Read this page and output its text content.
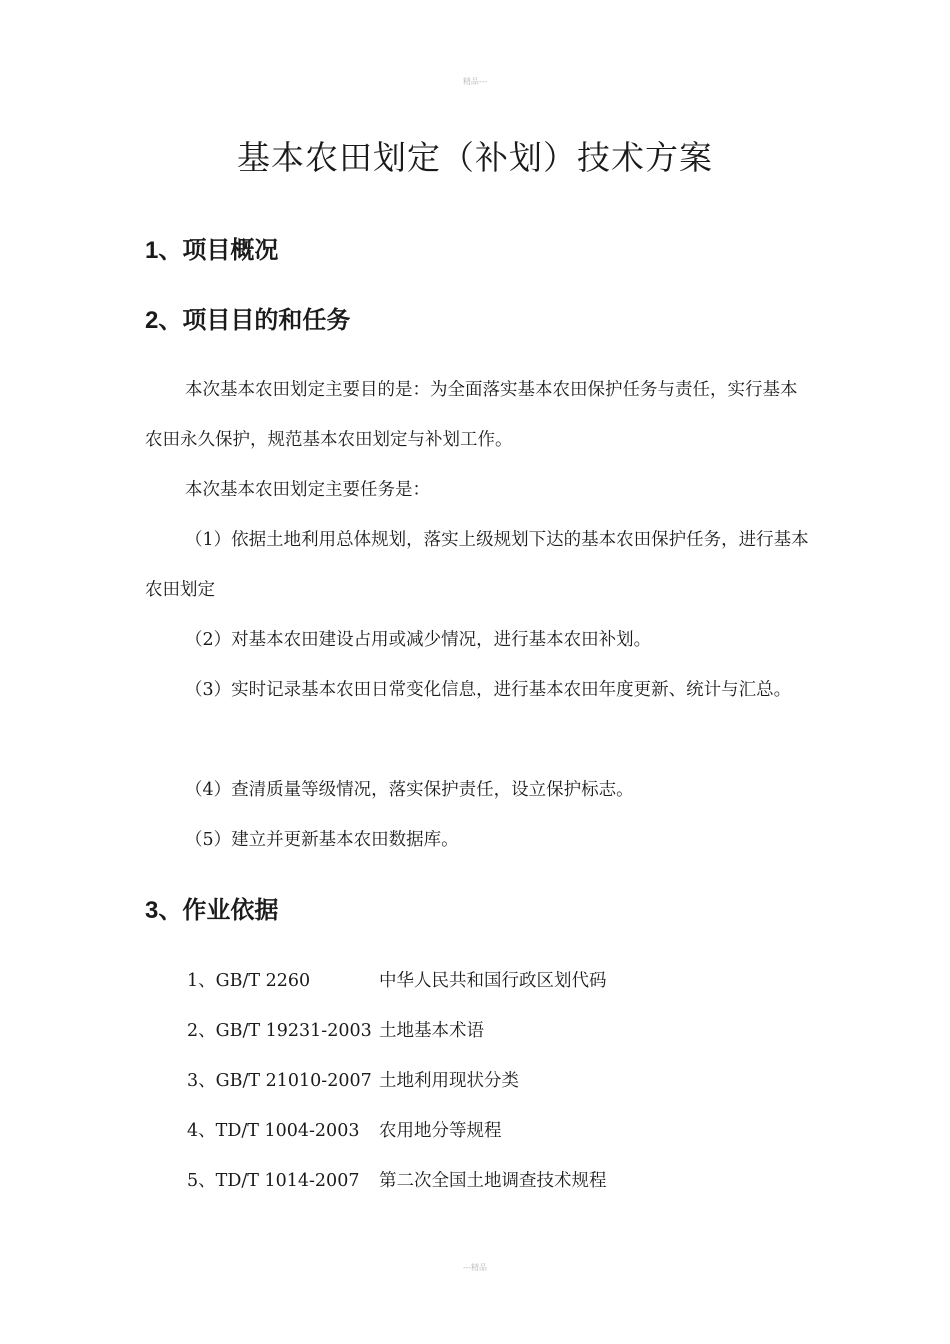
精品---
基本农田划定（补划）技术方案
1、项目概况
2、项目目的和任务

本次基本农田划定主要目的是：为全面落实基本农田保护任务与责任，实行基本农田永久保护，规范基本农田划定与补划工作。

本次基本农田划定主要任务是：

（1）依据土地利用总体规划，落实上级规划下达的基本农田保护任务，进行基本农田划定

（2）对基本农田建设占用或减少情况，进行基本农田补划。

（3）实时记录基本农田日常变化信息，进行基本农田年度更新、统计与汇总。

（4）查清质量等级情况，落实保护责任，设立保护标志。

（5）建立并更新基本农田数据库。

3、作业依据
1、GB/T 2260	中华人民共和国行政区划代码
2、GB/T 19231-2003 土地基本术语
3、GB/T 21010-2007 土地利用现状分类
4、TD/T 1004-2003 农用地分等规程
5、TD/T 1014-2007 第二次全国土地调查技术规程
---精品
